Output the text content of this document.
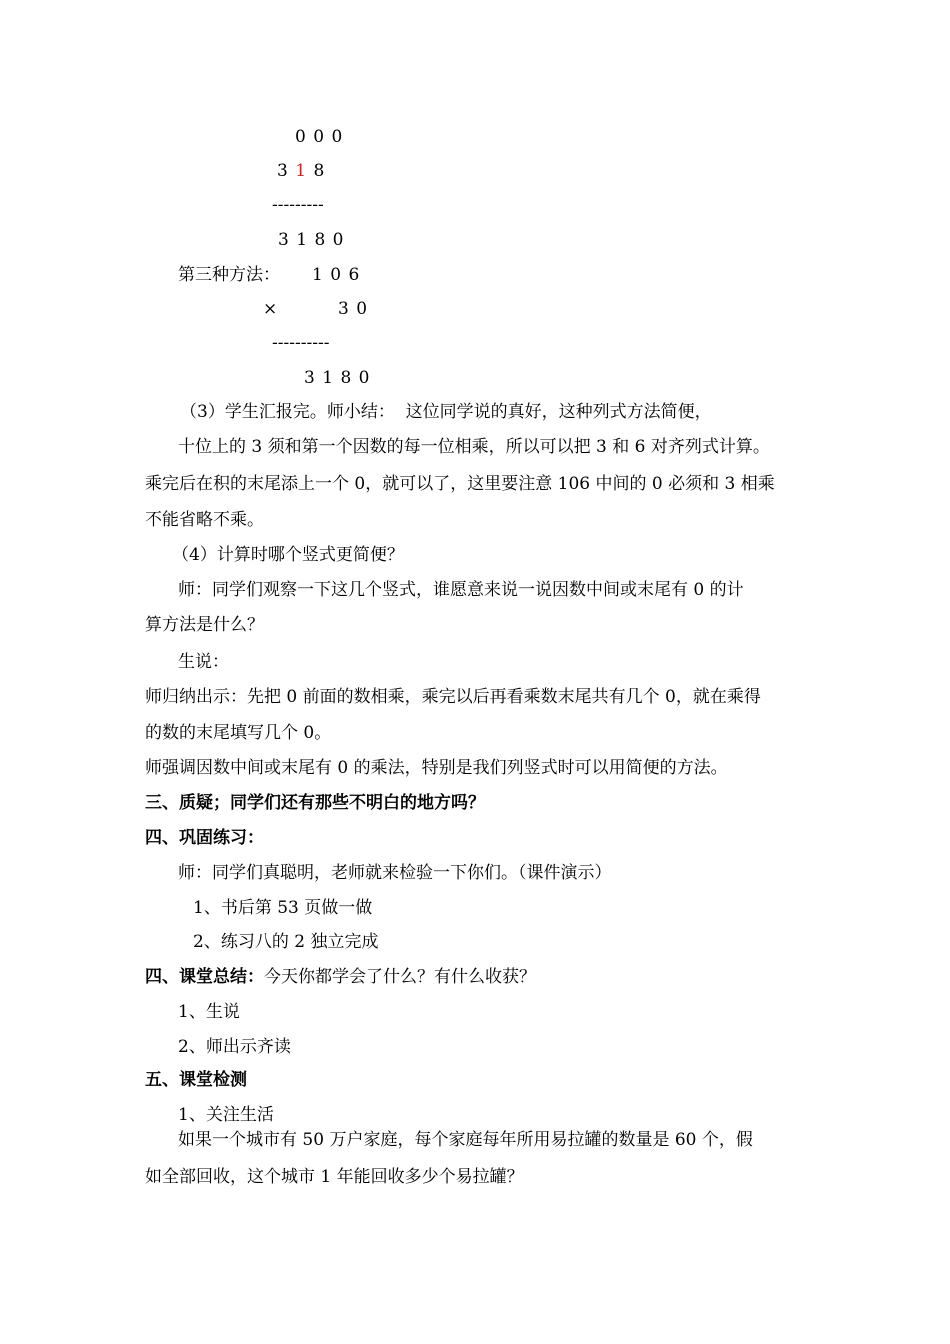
0 0 0
3 1 8
---------
3 1 8 0
第三种方法： 1 0 6
×	3 0
----------
3 1 8 0
（3）学生汇报完。师小结：  这位同学说的真好，这种列式方法简便，
十位上的 3 须和第一个因数的每一位相乘，所以可以把 3 和 6 对齐列式计算。
乘完后在积的末尾添上一个 0，就可以了，这里要注意 106 中间的 0 必须和 3 相乘
不能省略不乘。
（4）计算时哪个竖式更简便？
师：同学们观察一下这几个竖式，谁愿意来说一说因数中间或末尾有 0 的计
算方法是什么？
生说：
师归纳出示：先把 0 前面的数相乘，乘完以后再看乘数末尾共有几个 0，就在乘得
的数的末尾填写几个 0。
师强调因数中间或末尾有 0 的乘法，特别是我们列竖式时可以用简便的方法。
三、质疑；同学们还有那些不明白的地方吗？
四、巩固练习：
师：同学们真聪明，老师就来检验一下你们。（课件演示）
1、书后第 53 页做一做
2、练习八的 2 独立完成
四、课堂总结：今天你都学会了什么？有什么收获？
1、生说
2、师出示齐读
五、课堂检测
1、关注生活
如果一个城市有 50 万户家庭，每个家庭每年所用易拉罐的数量是 60 个，假
如全部回收，这个城市 1 年能回收多少个易拉罐？
